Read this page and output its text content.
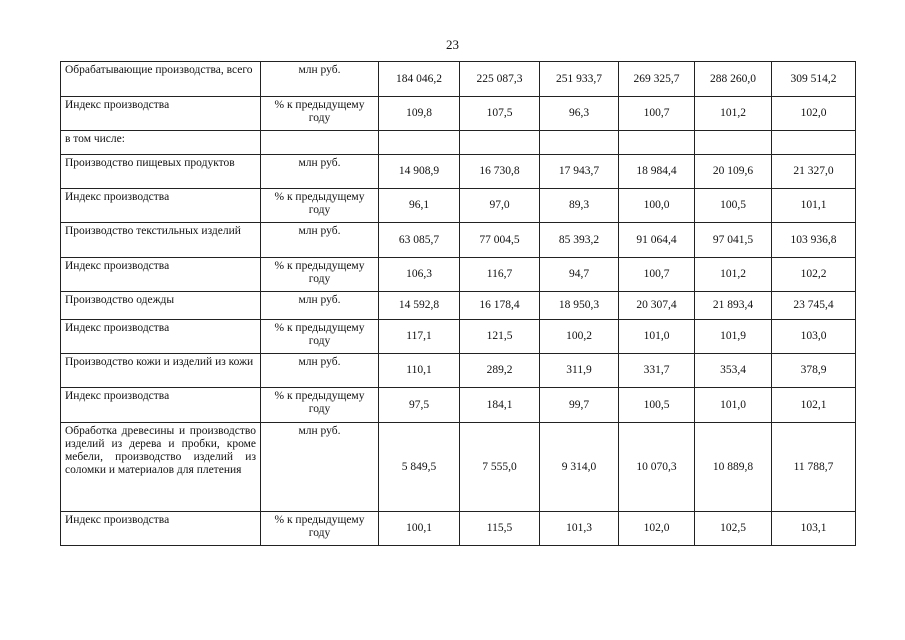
23
Обрабатывающие производства, всего	млн руб.	184 046,2	225 087,3	251 933,7	269 325,7	288 260,0	309 514,2
Индекс производства	% к предыдущему году	109,8	107,5	96,3	100,7	101,2	102,0
в том числе:							
Производство пищевых продуктов	млн руб.	14 908,9	16 730,8	17 943,7	18 984,4	20 109,6	21 327,0
Индекс производства	% к предыдущему году	96,1	97,0	89,3	100,0	100,5	101,1
Производство текстильных изделий	млн руб.	63 085,7	77 004,5	85 393,2	91 064,4	97 041,5	103 936,8
Индекс производства	% к предыдущему году	106,3	116,7	94,7	100,7	101,2	102,2
Производство одежды	млн руб.	14 592,8	16 178,4	18 950,3	20 307,4	21 893,4	23 745,4
Индекс производства	% к предыдущему году	117,1	121,5	100,2	101,0	101,9	103,0
Производство кожи и изделий из кожи	млн руб.	110,1	289,2	311,9	331,7	353,4	378,9
Индекс производства	% к предыдущему году	97,5	184,1	99,7	100,5	101,0	102,1
Обработка древесины и производство изделий из дерева и пробки, кроме мебели, производство изделий из соломки и материалов для плетения	млн руб.	5 849,5	7 555,0	9 314,0	10 070,3	10 889,8	11 788,7
Индекс производства	% к предыдущему году	100,1	115,5	101,3	102,0	102,5	103,1
